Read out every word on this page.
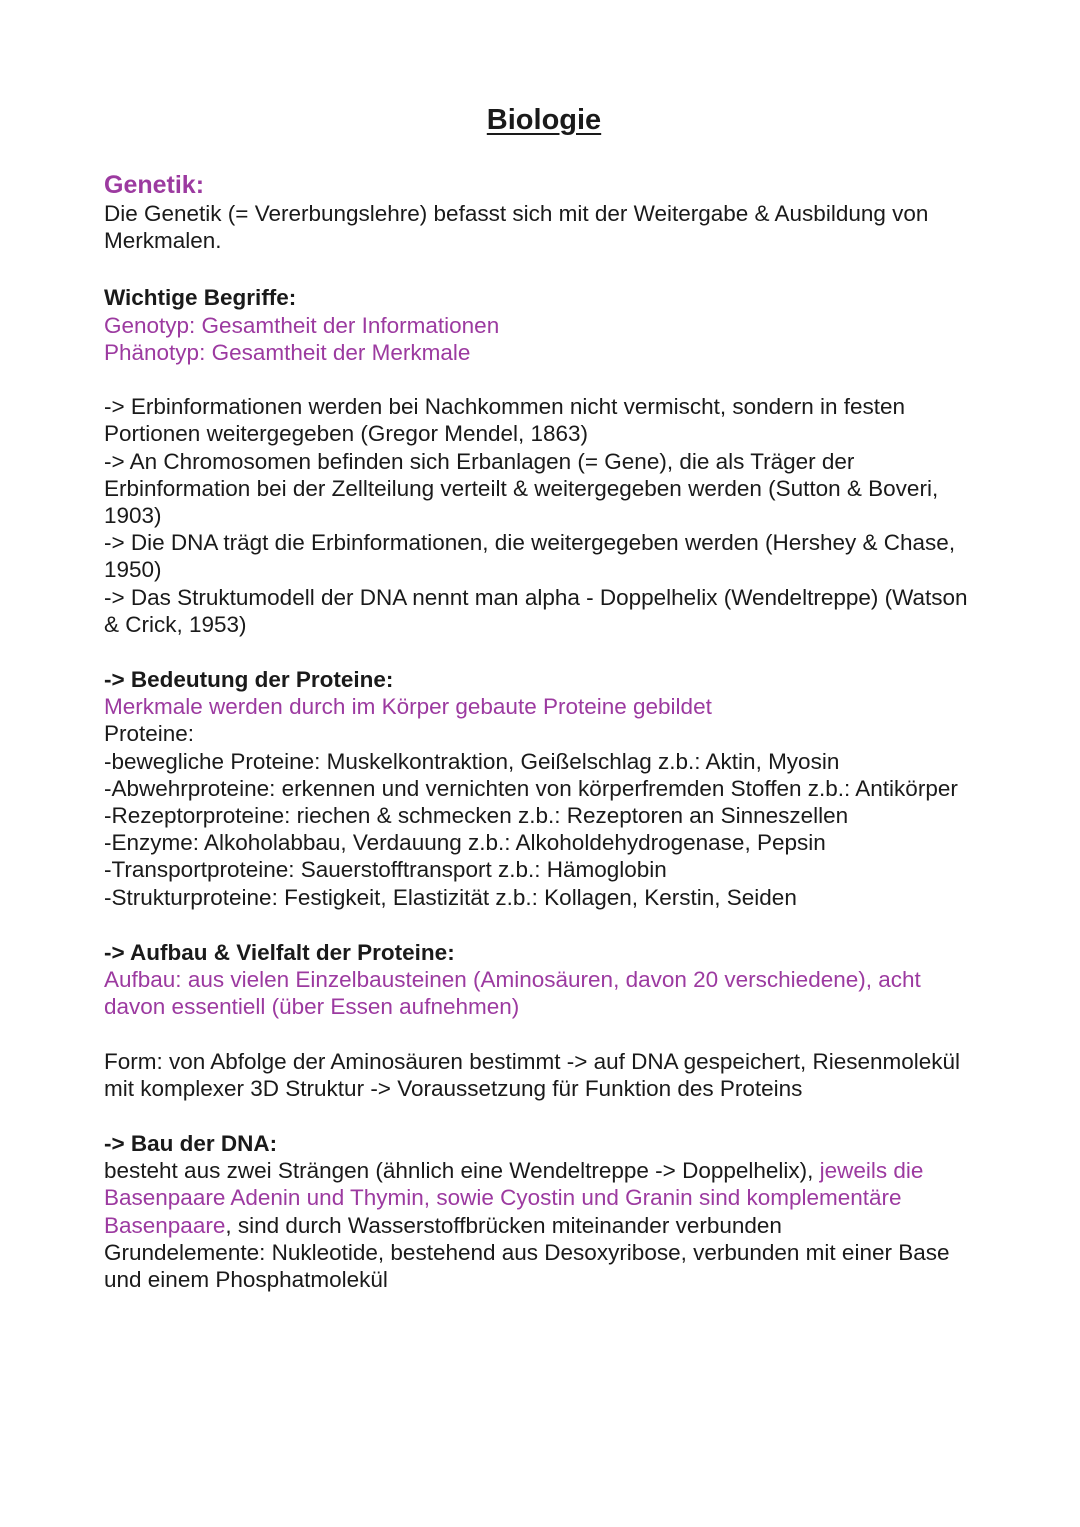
Biologie

Genetik:

Die Genetik (= Vererbungslehre) befasst sich mit der Weitergabe & Ausbildung von Merkmalen.

Wichtige Begriffe:

Genotyp: Gesamtheit der Informationen

Phänotyp: Gesamtheit der Merkmale

-> Erbinformationen werden bei Nachkommen nicht vermischt, sondern in festen Portionen weitergegeben (Gregor Mendel, 1863)

-> An Chromosomen befinden sich Erbanlagen (= Gene), die als Träger der Erbinformation bei der Zellteilung verteilt & weitergegeben werden (Sutton & Boveri, 1903)

-> Die DNA trägt die Erbinformationen, die weitergegeben werden (Hershey & Chase, 1950)

-> Das Struktumodell der DNA nennt man alpha - Doppelhelix (Wendeltreppe) (Watson & Crick, 1953)

-> Bedeutung der Proteine:

Merkmale werden durch im Körper gebaute Proteine gebildet

Proteine:

-bewegliche Proteine: Muskelkontraktion, Geißelschlag z.b.: Aktin, Myosin

-Abwehrproteine: erkennen und vernichten von körperfremden Stoffen z.b.: Antikörper

-Rezeptorproteine: riechen & schmecken z.b.: Rezeptoren an Sinneszellen

-Enzyme: Alkoholabbau, Verdauung z.b.: Alkoholdehydrogenase, Pepsin

-Transportproteine: Sauerstofftransport z.b.: Hämoglobin

-Strukturproteine: Festigkeit, Elastizität z.b.: Kollagen, Kerstin, Seiden

-> Aufbau & Vielfalt der Proteine:

Aufbau: aus vielen Einzelbausteinen (Aminosäuren, davon 20 verschiedene), acht davon essentiell (über Essen aufnehmen)

Form: von Abfolge der Aminosäuren bestimmt -> auf DNA gespeichert, Riesenmolekül mit komplexer 3D Struktur -> Voraussetzung für Funktion des Proteins

-> Bau der DNA:

besteht aus zwei Strängen (ähnlich eine Wendeltreppe -> Doppelhelix), jeweils die Basenpaare Adenin und Thymin, sowie Cyostin und Granin sind komplementäre Basenpaare, sind durch Wasserstoffbrücken miteinander verbunden

Grundelemente: Nukleotide, bestehend aus Desoxyribose, verbunden mit einer Base und einem Phosphatmolekül
